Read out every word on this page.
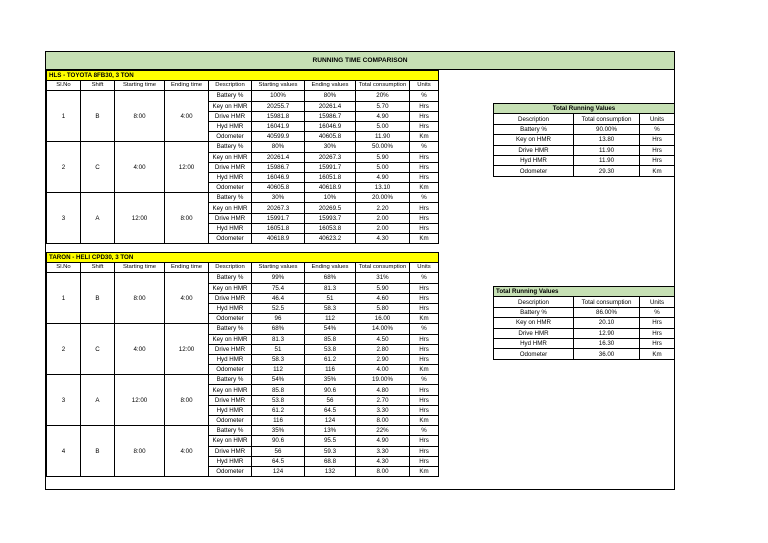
RUNNING TIME COMPARISON
HLS - TOYOTA 8FB30, 3 TON								
Sl.No	Shift	Starting time	Ending time	Description	Starting values	Ending values	Total consumption	Units
1	B	8:00	4:00	Battery %	100%	80%	20%	%
				Key on HMR	20255.7	20261.4	5.70	Hrs
				Drive HMR	15981.8	15986.7	4.90	Hrs
				Hyd HMR	16041.9	16046.9	5.00	Hrs
				Odometer	40599.9	40605.8	11.90	Km
2	C	4:00	12:00	Battery %	80%	30%	50.00%	%
				Key on HMR	20261.4	20267.3	5.90	Hrs
				Drive HMR	15986.7	15991.7	5.00	Hrs
				Hyd HMR	16046.9	16051.8	4.90	Hrs
				Odometer	40605.8	40618.9	13.10	Km
3	A	12:00	8:00	Battery %	30%	10%	20.00%	%
				Key on HMR	20267.3	20269.5	2.20	Hrs
				Drive HMR	15991.7	15993.7	2.00	Hrs
				Hyd HMR	16051.8	16053.8	2.00	Hrs
				Odometer	40618.9	40623.2	4.30	Km
TARON - HELI CPD30, 3 TON								
Sl.No	Shift	Starting time	Ending time	Description	Starting values	Ending values	Total consumption	Units
1	B	8:00	4:00	Battery %	99%	68%	31%	%
				Key on HMR	75.4	81.3	5.90	Hrs
				Drive HMR	46.4	51	4.60	Hrs
				Hyd HMR	52.5	58.3	5.80	Hrs
				Odometer	96	112	16.00	Km
2	C	4:00	12:00	Battery %	68%	54%	14.00%	%
				Key on HMR	81.3	85.8	4.50	Hrs
				Drive HMR	51	53.8	2.80	Hrs
				Hyd HMR	58.3	61.2	2.90	Hrs
				Odometer	112	116	4.00	Km
3	A	12:00	8:00	Battery %	54%	35%	19.00%	%
				Key on HMR	85.8	90.6	4.80	Hrs
				Drive HMR	53.8	56	2.70	Hrs
				Hyd HMR	61.2	64.5	3.30	Hrs
				Odometer	116	124	8.00	Km
4	B	8:00	4:00	Battery %	35%	13%	22%	%
				Key on HMR	90.6	95.5	4.90	Hrs
				Drive HMR	56	59.3	3.30	Hrs
				Hyd HMR	64.5	68.8	4.30	Hrs
				Odometer	124	132	8.00	Km
Total Running Values		
Description	Total consumption	Units
Battery %	90.00%	%
Key on HMR	13.80	Hrs
Drive HMR	11.90	Hrs
Hyd HMR	11.90	Hrs
Odometer	29.30	Km
Total Running Values		
Description	Total consumption	Units
Battery %	86.00%	%
Key on HMR	20.10	Hrs
Drive HMR	12.90	Hrs
Hyd HMR	16.30	Hrs
Odometer	36.00	Km
